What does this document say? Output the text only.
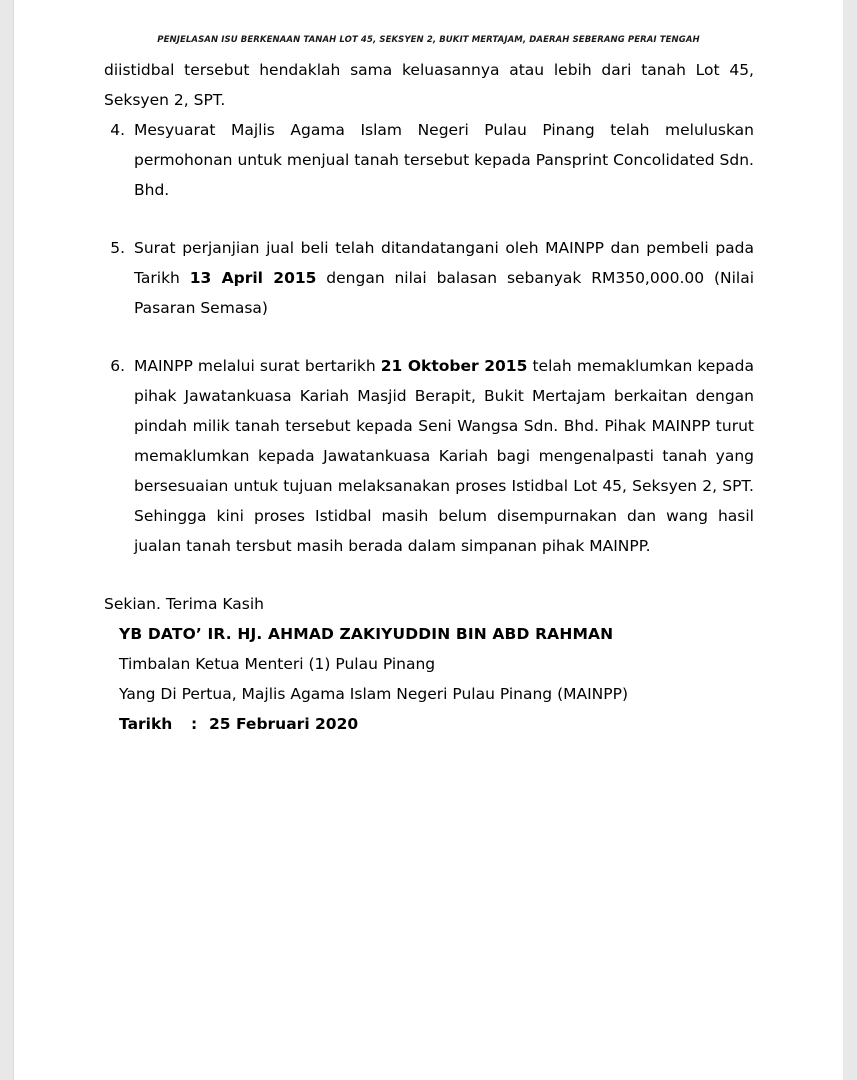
PENJELASAN ISU BERKENAAN TANAH LOT 45, SEKSYEN 2, BUKIT MERTAJAM, DAERAH SEBERANG PERAI TENGAH

diistidbal tersebut hendaklah sama keluasannya atau lebih dari tanah Lot 45, Seksyen 2, SPT.

4. Mesyuarat Majlis Agama Islam Negeri Pulau Pinang telah meluluskan permohonan untuk menjual tanah tersebut kepada Pansprint Concolidated Sdn. Bhd.
5. Surat perjanjian jual beli telah ditandatangani oleh MAINPP dan pembeli pada Tarikh 13 April 2015 dengan nilai balasan sebanyak RM350,000.00 (Nilai Pasaran Semasa)
6. MAINPP melalui surat bertarikh 21 Oktober 2015 telah memaklumkan kepada pihak Jawatankuasa Kariah Masjid Berapit, Bukit Mertajam berkaitan dengan pindah milik tanah tersebut kepada Seni Wangsa Sdn. Bhd. Pihak MAINPP turut memaklumkan kepada Jawatankuasa Kariah bagi mengenalpasti tanah yang bersesuaian untuk tujuan melaksanakan proses Istidbal Lot 45, Seksyen 2, SPT. Sehingga kini proses Istidbal masih belum disempurnakan dan wang hasil jualan tanah tersbut masih berada dalam simpanan pihak MAINPP.

Sekian. Terima Kasih

YB DATO’ IR. HJ. AHMAD ZAKIYUDDIN BIN ABD RAHMAN
Timbalan Ketua Menteri (1) Pulau Pinang
Yang Di Pertua, Majlis Agama Islam Negeri Pulau Pinang (MAINPP)
Tarikh : 25 Februari 2020
